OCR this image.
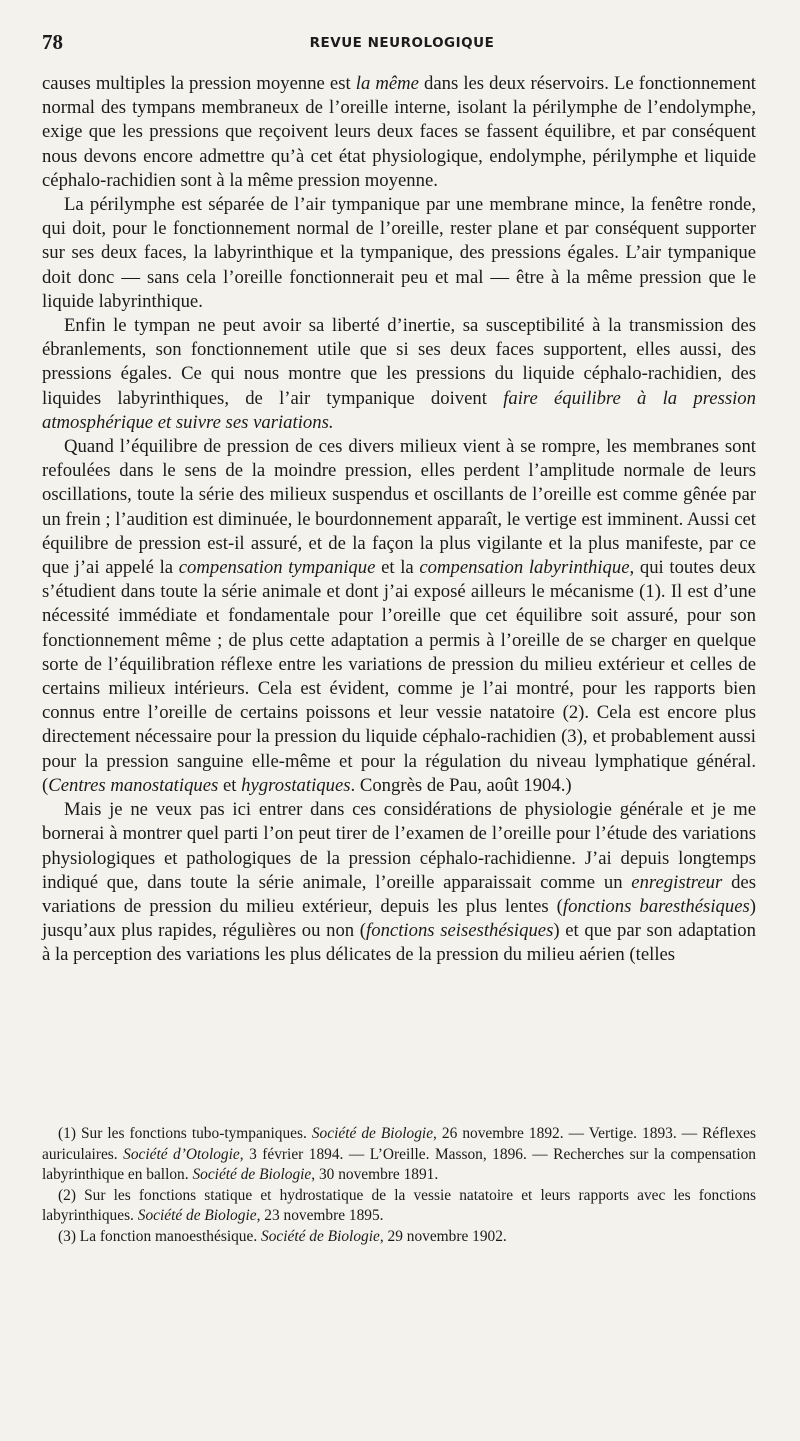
78	REVUE NEUROLOGIQUE

causes multiples la pression moyenne est la même dans les deux réservoirs. Le fonctionnement normal des tympans membraneux de l’oreille interne, isolant la périlymphe de l’endolymphe, exige que les pressions que reçoivent leurs deux faces se fassent équilibre, et par conséquent nous devons encore admettre qu’à cet état physiologique, endolymphe, périlymphe et liquide céphalo-rachidien sont à la même pression moyenne.

La périlymphe est séparée de l’air tympanique par une membrane mince, la fenêtre ronde, qui doit, pour le fonctionnement normal de l’oreille, rester plane et par conséquent supporter sur ses deux faces, la labyrinthique et la tympanique, des pressions égales. L’air tympanique doit donc — sans cela l’oreille fonctionnerait peu et mal — être à la même pression que le liquide labyrinthique.

Enfin le tympan ne peut avoir sa liberté d’inertie, sa susceptibilité à la transmission des ébranlements, son fonctionnement utile que si ses deux faces supportent, elles aussi, des pressions égales. Ce qui nous montre que les pressions du liquide céphalo-rachidien, des liquides labyrinthiques, de l’air tympanique doivent faire équilibre à la pression atmosphérique et suivre ses variations.

Quand l’équilibre de pression de ces divers milieux vient à se rompre, les membranes sont refoulées dans le sens de la moindre pression, elles perdent l’amplitude normale de leurs oscillations, toute la série des milieux suspendus et oscillants de l’oreille est comme gênée par un frein ; l’audition est diminuée, le bourdonnement apparaît, le vertige est imminent. Aussi cet équilibre de pression est-il assuré, et de la façon la plus vigilante et la plus manifeste, par ce que j’ai appelé la compensation tympanique et la compensation labyrinthique, qui toutes deux s’étudient dans toute la série animale et dont j’ai exposé ailleurs le mécanisme (1). Il est d’une nécessité immédiate et fondamentale pour l’oreille que cet équilibre soit assuré, pour son fonctionnement même ; de plus cette adaptation a permis à l’oreille de se charger en quelque sorte de l’équilibration réflexe entre les variations de pression du milieu extérieur et celles de certains milieux intérieurs. Cela est évident, comme je l’ai montré, pour les rapports bien connus entre l’oreille de certains poissons et leur vessie natatoire (2). Cela est encore plus directement nécessaire pour la pression du liquide céphalo-rachidien (3), et probablement aussi pour la pression sanguine elle-même et pour la régulation du niveau lymphatique général. (Centres manostatiques et hygrostatiques. Congrès de Pau, août 1904.)

Mais je ne veux pas ici entrer dans ces considérations de physiologie générale et je me bornerai à montrer quel parti l’on peut tirer de l’examen de l’oreille pour l’étude des variations physiologiques et pathologiques de la pression céphalo-rachidienne. J’ai depuis longtemps indiqué que, dans toute la série animale, l’oreille apparaissait comme un enregistreur des variations de pression du milieu extérieur, depuis les plus lentes (fonctions baresthésiques) jusqu’aux plus rapides, régulières ou non (fonctions seisesthésiques) et que par son adaptation à la perception des variations les plus délicates de la pression du milieu aérien (telles

(1) Sur les fonctions tubo-tympaniques. Société de Biologie, 26 novembre 1892. — Vertige. 1893. — Réflexes auriculaires. Société d’Otologie, 3 février 1894. — L’Oreille. Masson, 1896. — Recherches sur la compensation labyrinthique en ballon. Société de Biologie, 30 novembre 1891.

(2) Sur les fonctions statique et hydrostatique de la vessie natatoire et leurs rapports avec les fonctions labyrinthiques. Société de Biologie, 23 novembre 1895.

(3) La fonction manoesthésique. Société de Biologie, 29 novembre 1902.
